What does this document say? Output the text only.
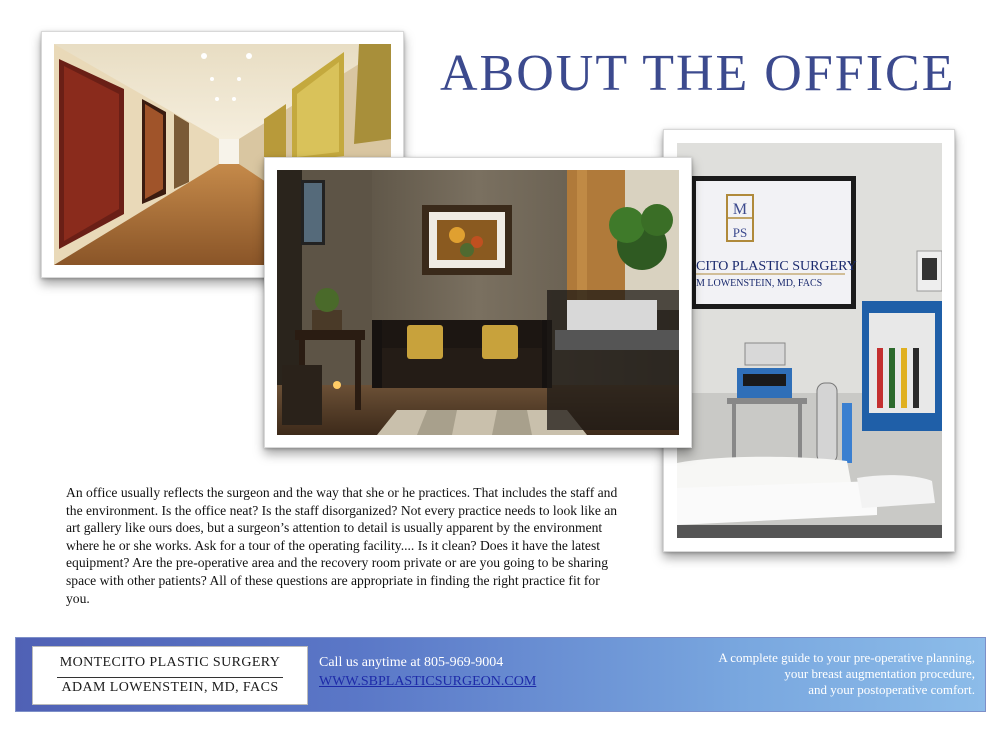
ABOUT THE OFFICE
M
PS
CITO PLASTIC SURGERY
M LOWENSTEIN, MD, FACS
An office usually reflects the surgeon and the way that she or he practices. That includes the staff and the environment. Is the office neat? Is the staff disorganized? Not every practice needs to look like an art gallery like ours does, but a surgeon’s attention to detail is usually apparent by the environment where he or she works. Ask for a tour of the operating facility.... Is it clean? Does it have the latest equipment? Are the pre-operative area and the recovery room private or are you going to be sharing space with other patients? All of these questions are appropriate in finding the right practice fit for you.
MONTECITO PLASTIC SURGERY
ADAM LOWENSTEIN, MD, FACS
Call us anytime at 805-969-9004
WWW.SBPLASTICSURGEON.COM
A complete guide to your pre-operative planning,
your breast augmentation procedure,
and your postoperative comfort.
